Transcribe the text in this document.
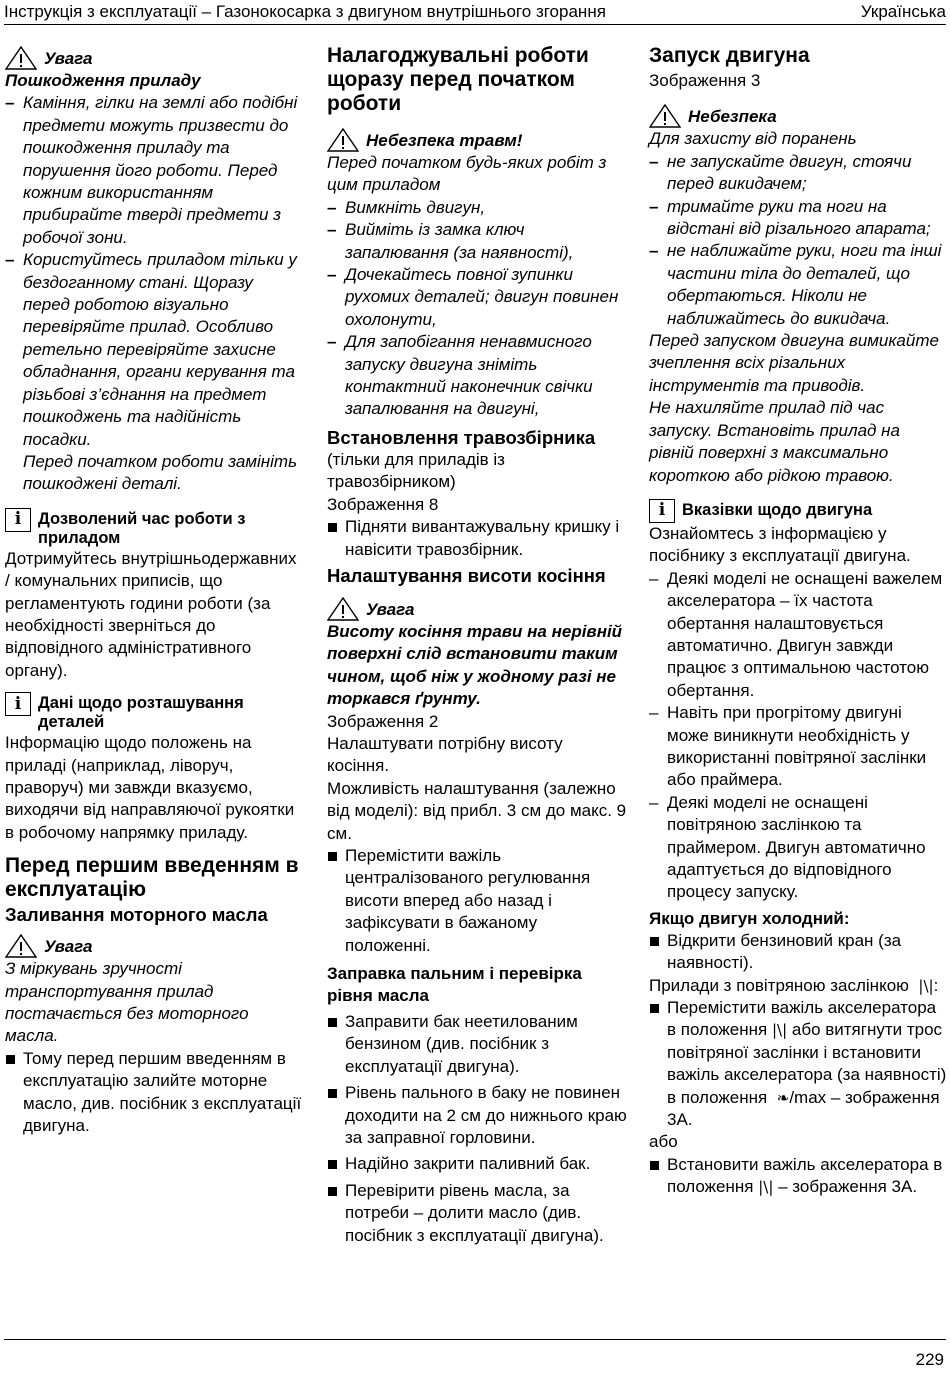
Інструкція з експлуатації – Газонокосарка з двигуном внутрішнього згорання	Українська
Увага

Пошкодження приладу

– Каміння, гілки на землі або подібні предмети можуть призвести до пошкодження приладу та порушення його роботи. Перед кожним використанням прибирайте тверді предмети з робочої зони.
– Користуйтесь приладом тільки у бездоганному стані. Щоразу перед роботою візуально перевіряйте прилад. Особливо ретельно перевіряйте захисне обладнання, органи керування та різьбові з’єднання на предмет пошкоджень та надійність посадки.

Перед початком роботи замініть пошкоджені деталі.

i	Дозволений час роботи з приладом

Дотримуйтесь внутрішньодержавних / комунальних приписів, що регламентують години роботи (за необхідності зверніться до відповідного адміністративного органу).

i	Дані щодо розташування деталей

Інформацію щодо положень на приладі (наприклад, ліворуч, праворуч) ми завжди вказуємо, виходячи від направляючої рукоятки в робочому напрямку приладу.

Перед першим введенням в експлуатацію
Заливання моторного масла
Увага

З міркувань зручності транспортування прилад постачається без моторного масла.

Тому перед першим введенням в експлуатацію залийте моторне масло, див. посібник з експлуатації двигуна.
Налагоджувальні роботи щоразу перед початком роботи
Небезпека травм!

Перед початком будь-яких робіт з цим приладом

– Вимкніть двигун,
– Вийміть із замка ключ запалювання (за наявності),
– Дочекайтесь повної зупинки рухомих деталей; двигун повинен охолонути,
– Для запобігання ненавмисного запуску двигуна зніміть контактний наконечник свічки запалювання на двигуні,
Встановлення травозбірника

(тільки для приладів із травозбірником)

Зображення 8

Підняти вивантажувальну кришку і навісити травозбірник.
Налаштування висоти косіння
Увага

Висоту косіння трави на нерівній поверхні слід встановити таким чином, щоб ніж у жодному разі не торкався ґрунту.

Зображення 2

Налаштувати потрібну висоту косіння.

Можливість налаштування (залежно від моделі): від прибл. 3 см до макс. 9 см.

Перемістити важіль централізованого регулювання висоти вперед або назад і зафіксувати в бажаному положенні.
Заправка пальним і перевірка рівня масла
Заправити бак неетилованим бензином (див. посібник з експлуатації двигуна).
Рівень пального в баку не повинен доходити на 2 см до нижнього краю за заправної горловини.
Надійно закрити паливний бак.
Перевірити рівень масла, за потреби – долити масло (див. посібник з експлуатації двигуна).
Запуск двигуна

Зображення 3

Небезпека

Для захисту від поранень

– не запускайте двигун, стоячи перед викидачем;
– тримайте руки та ноги на відстані від різального апарата;
– не наближайте руки, ноги та інші частини тіла до деталей, що обертаються. Ніколи не наближайтесь до викидача.

Перед запуском двигуна вимикайте зчеплення всіх різальних інструментів та приводів.

Не нахиляйте прилад під час запуску. Встановіть прилад на рівній поверхні з максимально короткою або рідкою травою.

i	Вказівки щодо двигуна

Ознайомтесь з інформацією у посібнику з експлуатації двигуна.

– Деякі моделі не оснащені важелем акселератора – їх частота обертання налаштовується автоматично. Двигун завжди працює з оптимальною частотою обертання.
– Навіть при прогрітому двигуні може виникнути необхідність у використанні повітряної заслінки або праймера.
– Деякі моделі не оснащені повітряною заслінкою та праймером. Двигун автоматично адаптується до відповідного процесу запуску.
Якщо двигун холодний:
Відкрити бензиновий кран (за наявності).

Прилади з повітряною заслінкою  |\|:

Перемістити важіль акселератора в положення |\| або витягнути трос повітряної заслінки і встановити важіль акселератора (за наявності) в положення  ❧/max – зображення 3A.

або

Встановити важіль акселератора в положення |\| – зображення 3A.
229
